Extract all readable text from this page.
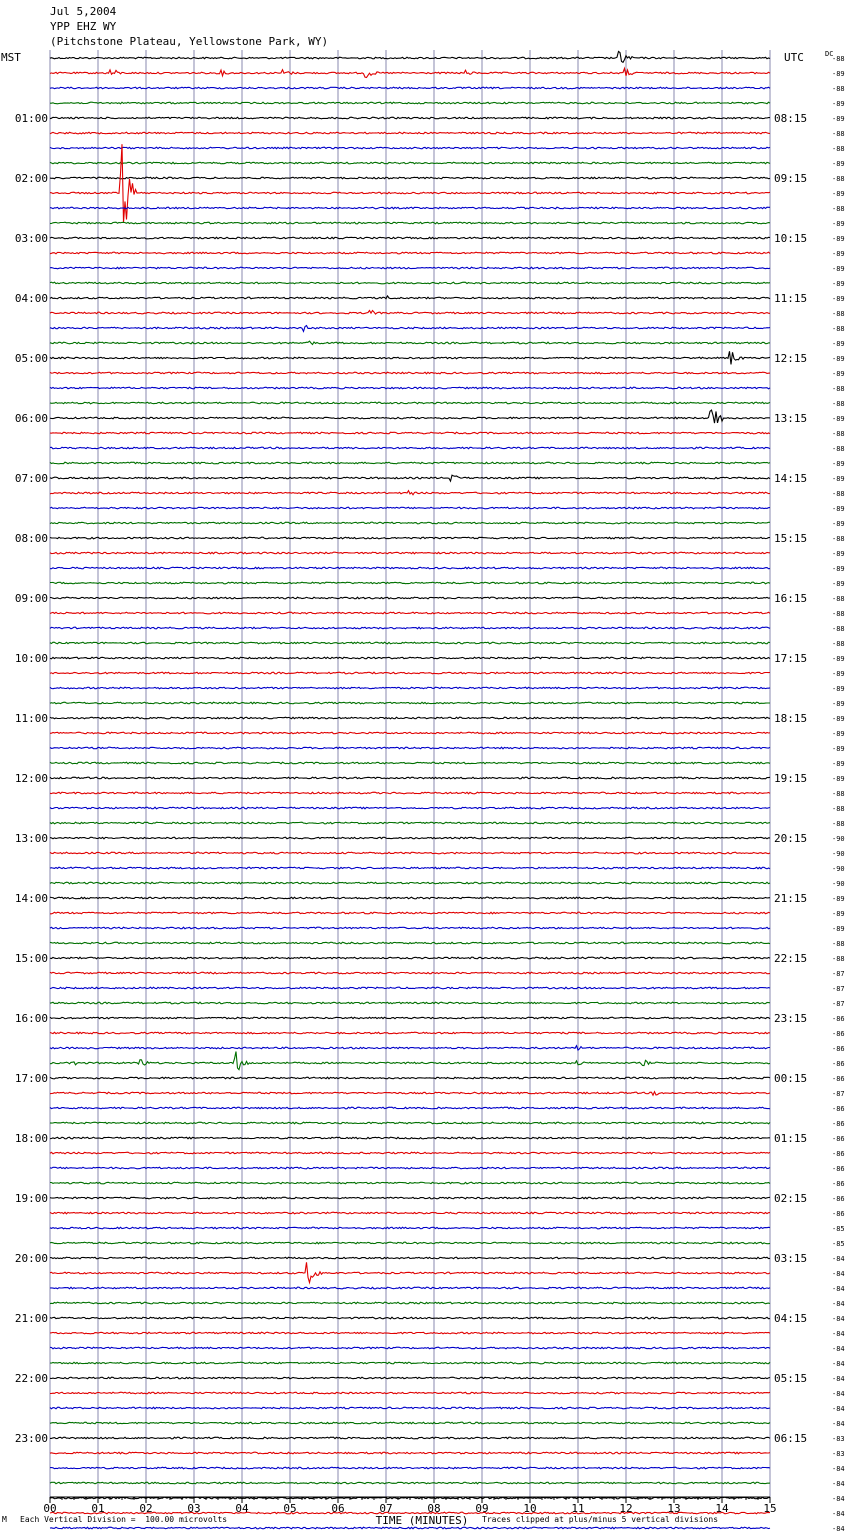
Jul 5,2004
YPP EHZ WY
(Pitchstone Plateau, Yellowstone Park, WY)
-88
-89
-88
-89
-89
-88
-88
-89
-88
-89
-88
-89
-89
-89
-89
-89
-89
-88
-88
-89
-89
-89
-88
-88
-89
-88
-88
-89
-89
-88
-89
-89
-88
-89
-89
-89
-88
-88
-88
-88
-89
-89
-89
-89
-89
-89
-89
-89
-89
-88
-88
-88
-90
-90
-90
-90
-89
-89
-89
-88
-88
-87
-87
-87
-86
-86
-86
-86
-86
-87
-86
-86
-86
-86
-86
-86
-86
-86
-85
-85
-84
-84
-84
-84
-84
-84
-84
-84
-84
-84
-84
-84
-83
-83
-84
-84
-84
-84
-84
01:00	08:15
02:00	09:15
03:00	10:15
04:00	11:15
05:00	12:15
06:00	13:15
07:00	14:15
08:00	15:15
09:00	16:15
10:00	17:15
11:00	18:15
12:00	19:15
13:00	20:15
14:00	21:15
15:00	22:15
16:00	23:15
17:00	00:15
18:00	01:15
19:00	02:15
20:00	03:15
21:00	04:15
22:00	05:15
23:00	06:15
00	01	02	03	04	05	06	07	08	09	10	11	12	13	14	15
MST	UTC	DC
TIME (MINUTES)
M Each Vertical Division =  100.00 microvolts	Traces clipped at plus/minus 5 vertical divisions
